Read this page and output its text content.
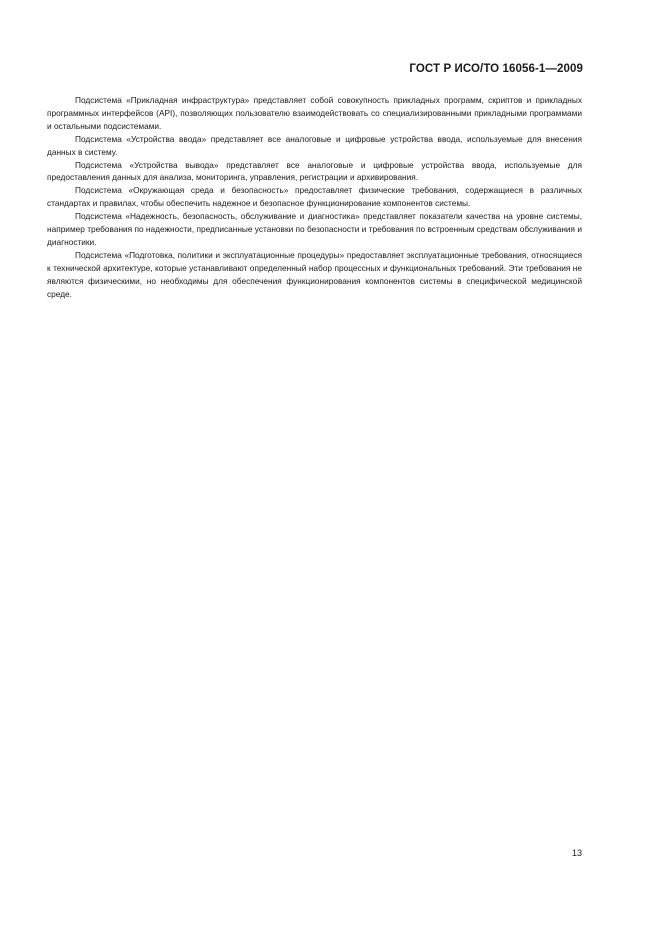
ГОСТ Р ИСО/ТО 16056-1—2009

Подсистема «Прикладная инфраструктура» представляет собой совокупность прикладных программ, скриптов и прикладных программных интерфейсов (API), позволяющих пользователю взаимодействовать со специализированными прикладными программами и остальными подсистемами.

Подсистема «Устройства ввода» представляет все аналоговые и цифровые устройства ввода, используемые для внесения данных в систему.

Подсистема «Устройства вывода» представляет все аналоговые и цифровые устройства ввода, используемые для предоставления данных для анализа, мониторинга, управления, регистрации и архивирования.

Подсистема «Окружающая среда и безопасность» предоставляет физические требования, содержащиеся в различных стандартах и правилах, чтобы обеспечить надежное и безопасное функционирование компонентов системы.

Подсистема «Надежность, безопасность, обслуживание и диагностика» представляет показатели качества на уровне системы, например требования по надежности, предписанные установки по безопасности и требования по встроенным средствам обслуживания и диагностики.

Подсистема «Подготовка, политики и эксплуатационные процедуры» предоставляет эксплуатационные требования, относящиеся к технической архитектуре, которые устанавливают определенный набор процессных и функциональных требований. Эти требования не являются физическими, но необходимы для обеспечения функционирования компонентов системы в специфической медицинской среде.

13
